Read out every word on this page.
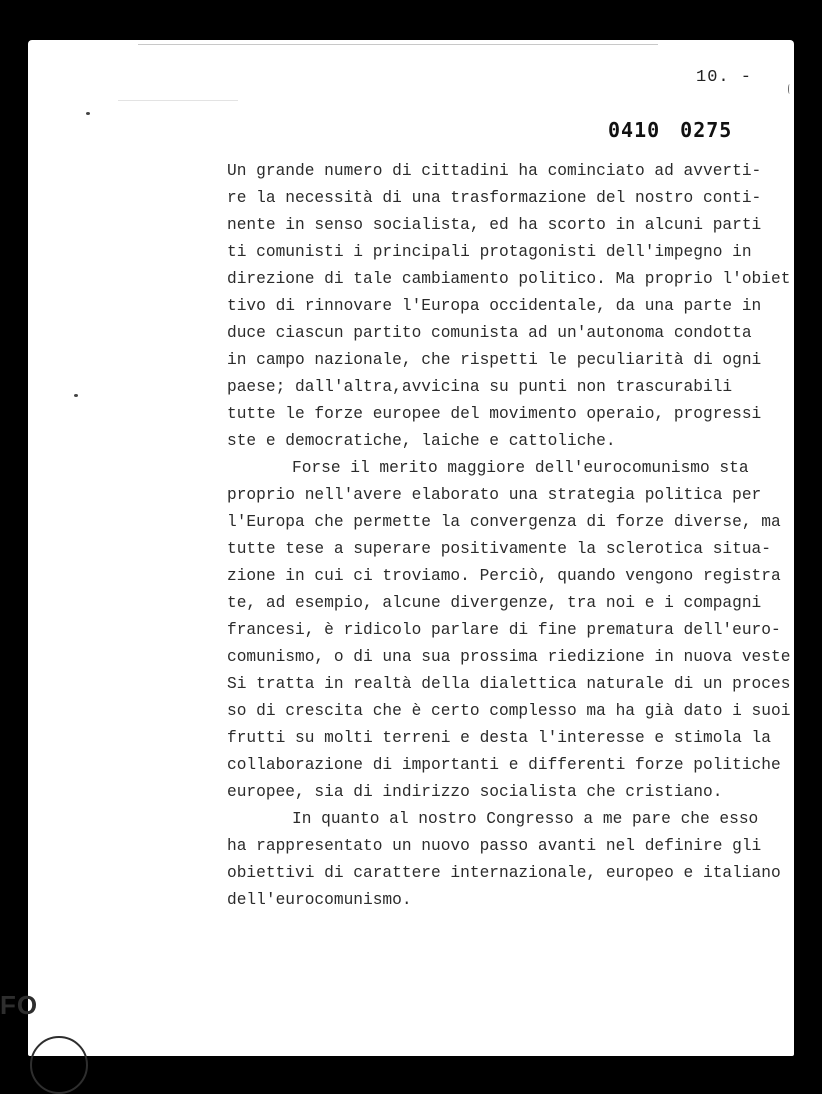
10. -
0410 0275
Un grande numero di cittadini ha cominciato ad avverti-
re la necessità di una trasformazione del nostro conti-
nente in senso socialista, ed ha scorto in alcuni parti
ti comunisti i principali protagonisti dell'impegno in
direzione di tale cambiamento politico. Ma proprio l'obiet
tivo di rinnovare l'Europa occidentale, da una parte in
duce ciascun partito comunista ad un'autonoma condotta
in campo nazionale, che rispetti le peculiarità di ogni
paese; dall'altra,avvicina su punti non trascurabili
tutte le forze europee del movimento operaio, progressi
ste e democratiche, laiche e cattoliche.
Forse il merito maggiore dell'eurocomunismo sta
proprio nell'avere elaborato una strategia politica per
l'Europa che permette la convergenza di forze diverse, ma
tutte tese a superare positivamente la sclerotica situa-
zione in cui ci troviamo. Perciò, quando vengono registra
te, ad esempio, alcune divergenze, tra noi e i compagni
francesi, è ridicolo parlare di fine prematura dell'euro-
comunismo, o di una sua prossima riedizione in nuova veste
Si tratta in realtà della dialettica naturale di un proces
so di crescita che è certo complesso ma ha già dato i suoi
frutti su molti terreni e desta l'interesse e stimola la
collaborazione di importanti e differenti forze politiche
europee, sia di indirizzo socialista che cristiano.
In quanto al nostro Congresso a me pare che esso
ha rappresentato un nuovo passo avanti nel definire gli
obiettivi di carattere internazionale, europeo e italiano
dell'eurocomunismo.
FO
